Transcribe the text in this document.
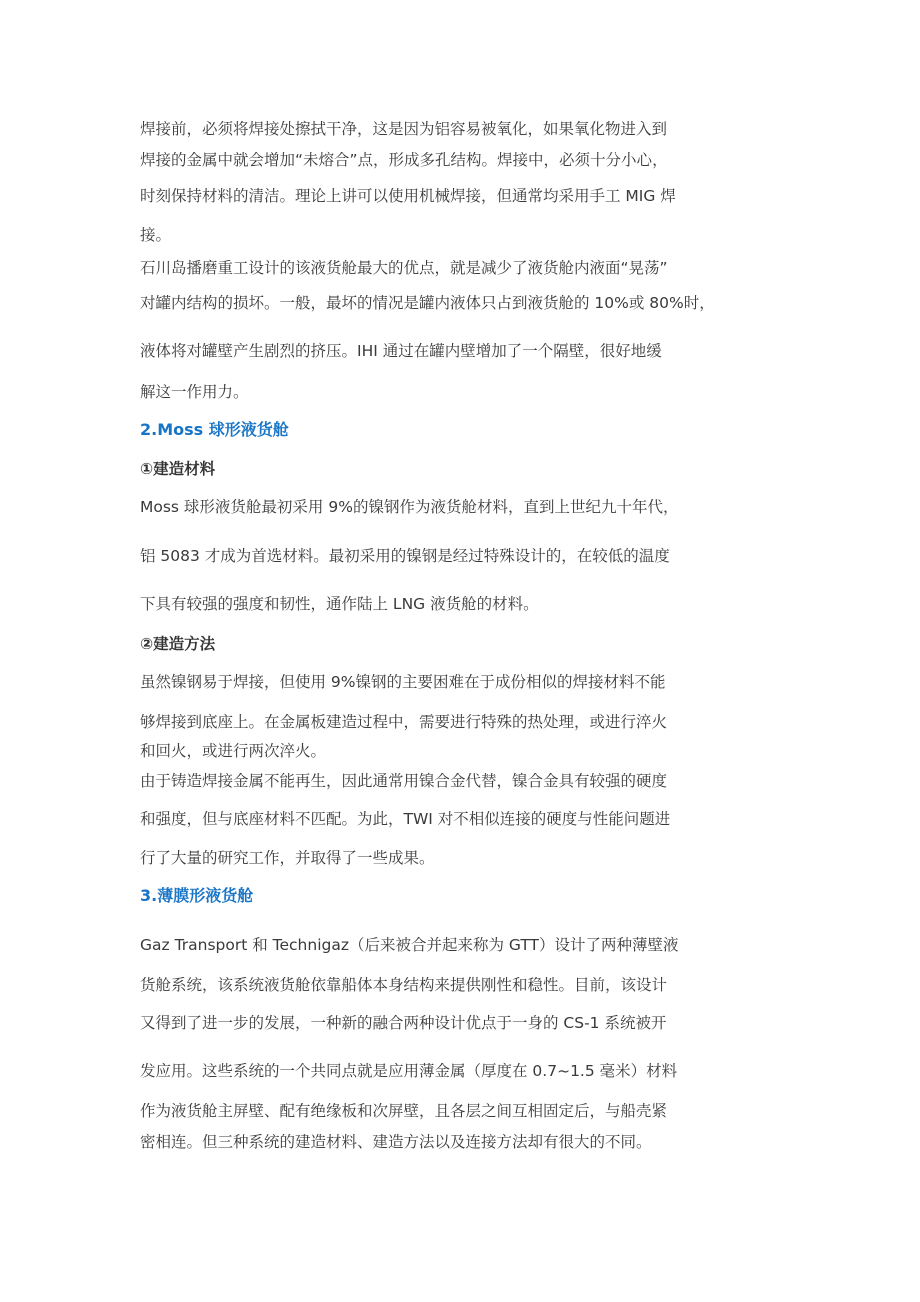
焊接前，必须将焊接处擦拭干净，这是因为铝容易被氧化，如果氧化物进入到

焊接的金属中就会增加“未熔合”点，形成多孔结构。焊接中，必须十分小心，

时刻保持材料的清洁。理论上讲可以使用机械焊接，但通常均采用手工 MIG 焊

接。

石川岛播磨重工设计的该液货舱最大的优点，就是减少了液货舱内液面“晃荡”

对罐内结构的损坏。一般，最坏的情况是罐内液体只占到液货舱的 10%或 80%时，

液体将对罐壁产生剧烈的挤压。IHI 通过在罐内壁增加了一个隔壁，很好地缓

解这一作用力。

2.Moss 球形液货舱

①建造材料

Moss 球形液货舱最初采用 9%的镍钢作为液货舱材料，直到上世纪九十年代，

铝 5083 才成为首选材料。最初采用的镍钢是经过特殊设计的，在较低的温度

下具有较强的强度和韧性，通作陆上 LNG 液货舱的材料。

②建造方法

虽然镍钢易于焊接，但使用 9%镍钢的主要困难在于成份相似的焊接材料不能

够焊接到底座上。在金属板建造过程中，需要进行特殊的热处理，或进行淬火

和回火，或进行两次淬火。

由于铸造焊接金属不能再生，因此通常用镍合金代替，镍合金具有较强的硬度

和强度，但与底座材料不匹配。为此，TWI 对不相似连接的硬度与性能问题进

行了大量的研究工作，并取得了一些成果。

3.薄膜形液货舱

Gaz Transport 和 Technigaz（后来被合并起来称为 GTT）设计了两种薄壁液

货舱系统，该系统液货舱依靠船体本身结构来提供刚性和稳性。目前，该设计

又得到了进一步的发展，一种新的融合两种设计优点于一身的 CS-1 系统被开

发应用。这些系统的一个共同点就是应用薄金属（厚度在 0.7~1.5 毫米）材料

作为液货舱主屏壁、配有绝缘板和次屏壁，且各层之间互相固定后，与船壳紧

密相连。但三种系统的建造材料、建造方法以及连接方法却有很大的不同。
